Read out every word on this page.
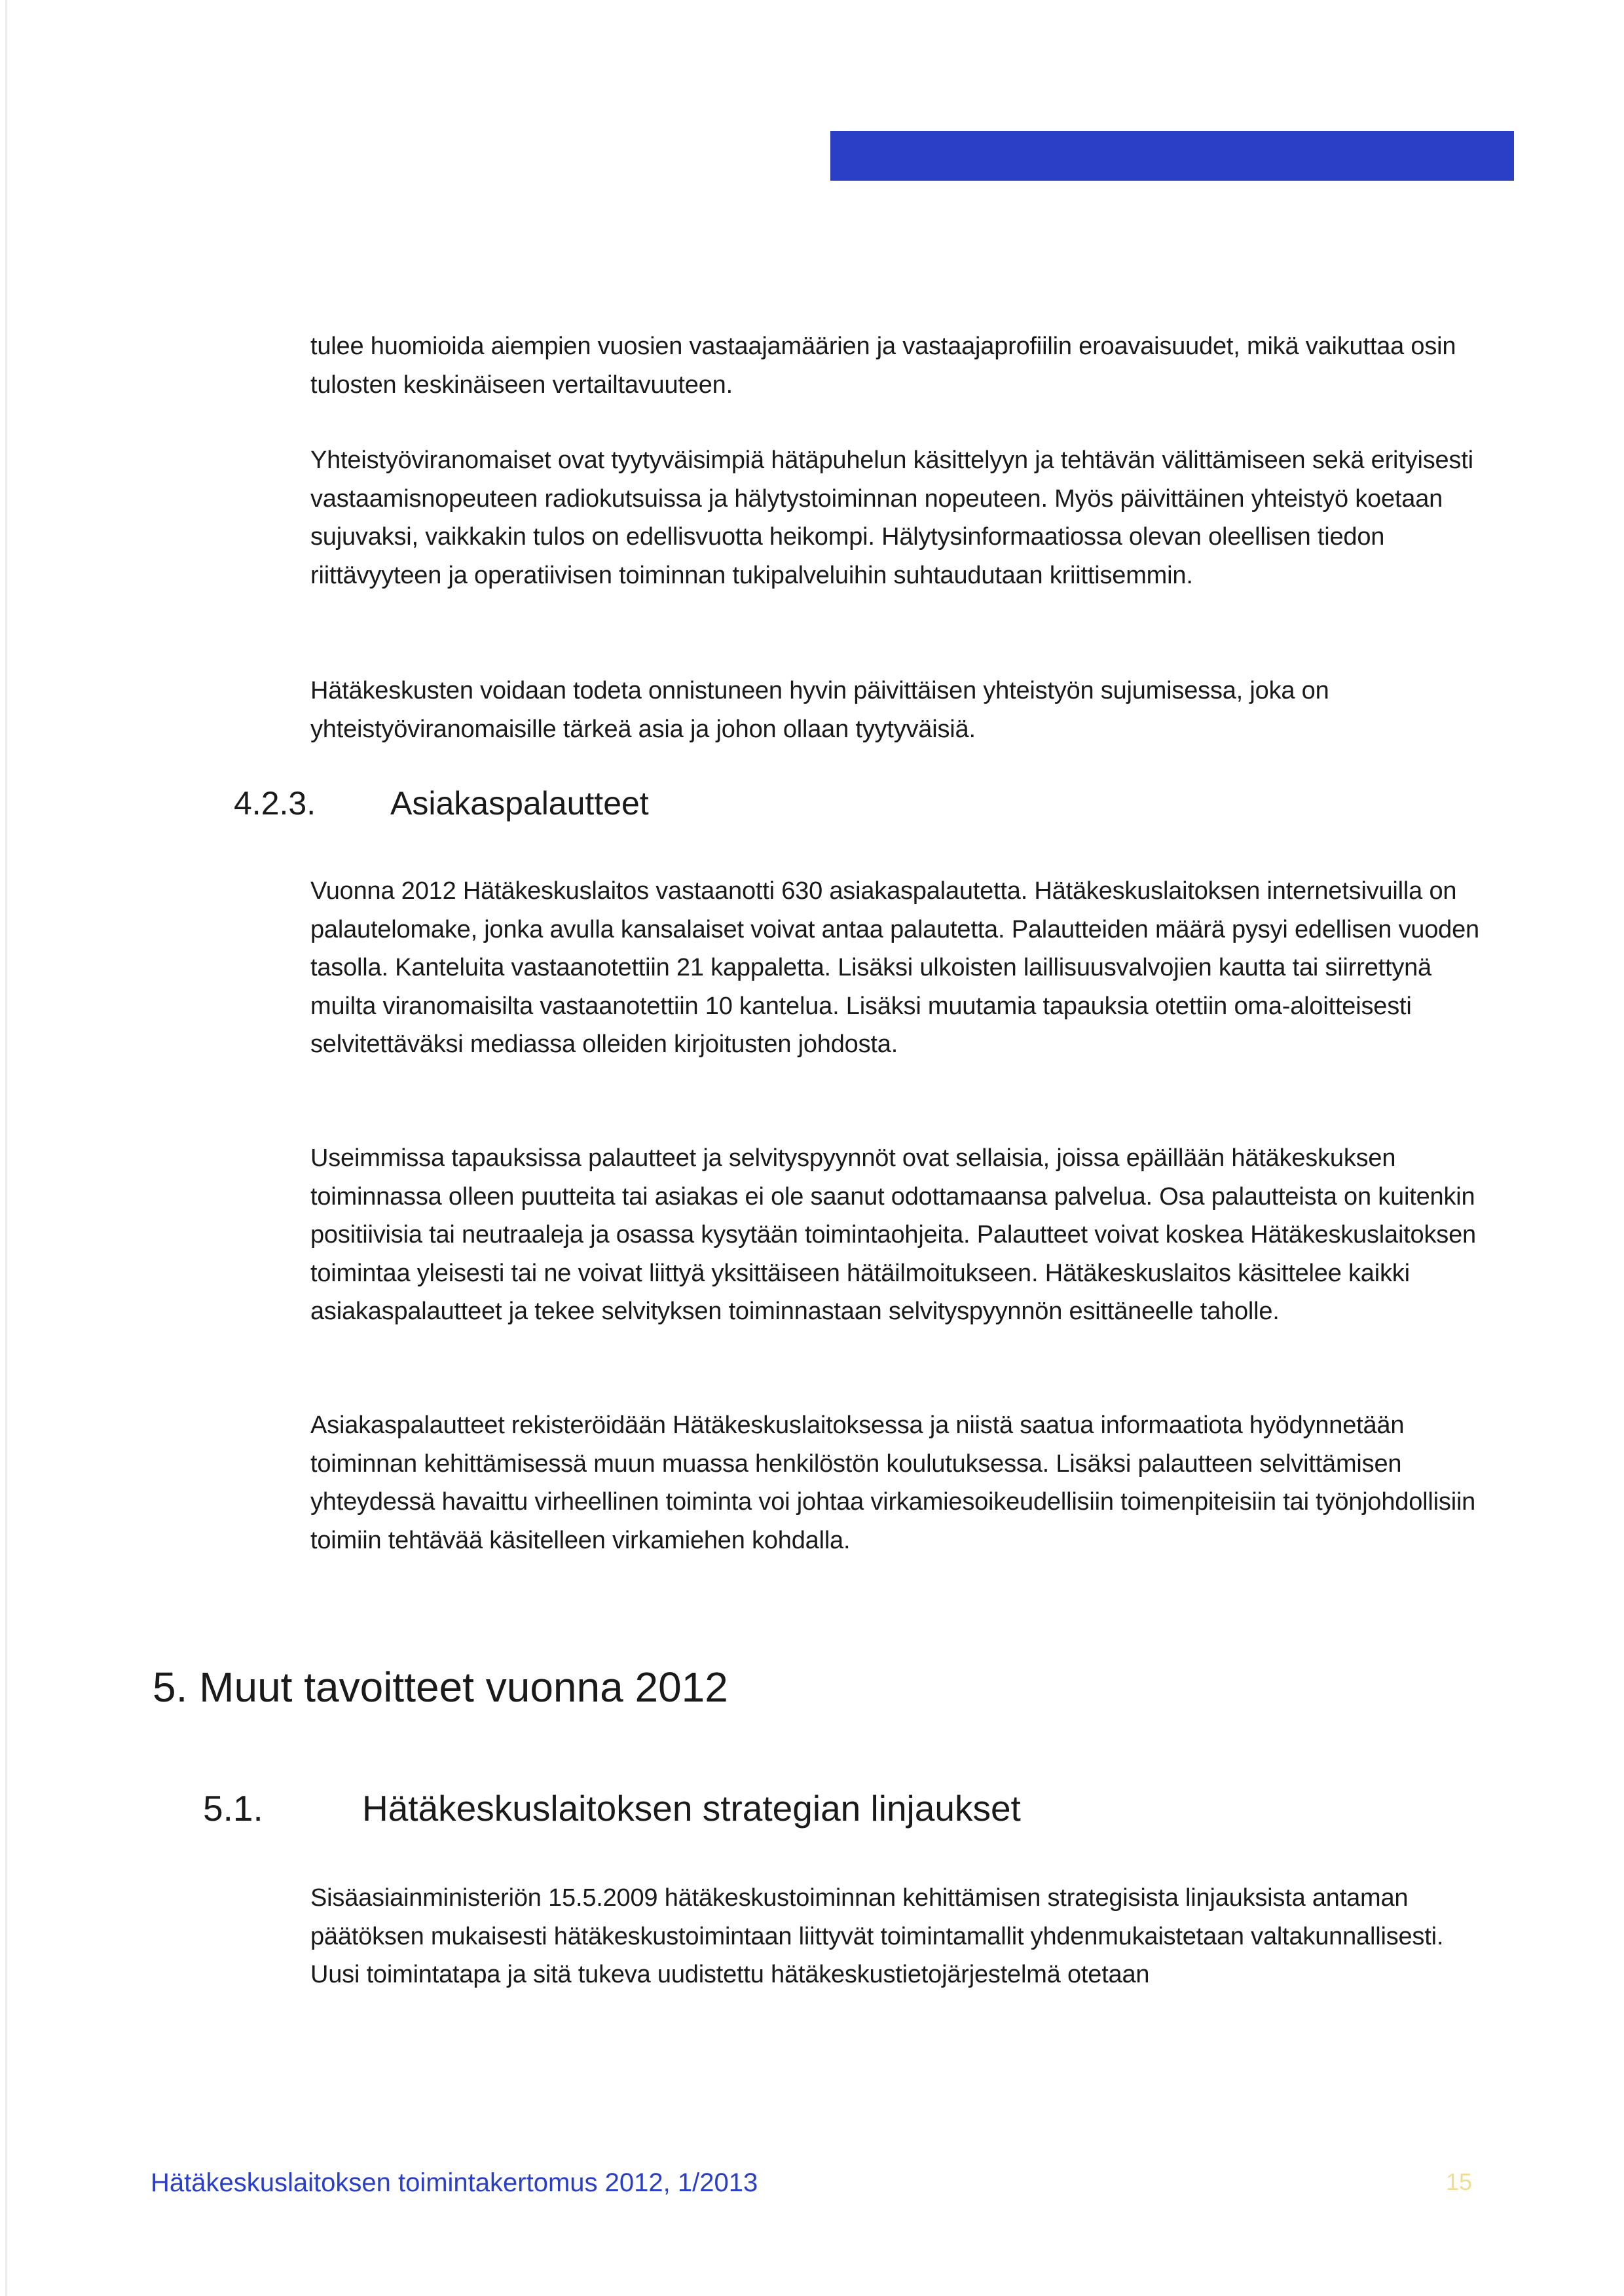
tulee huomioida aiempien vuosien vastaajamäärien ja vastaajaprofiilin eroavaisuudet, mikä vaikuttaa osin tulosten keskinäiseen vertailtavuuteen.

Yhteistyöviranomaiset ovat tyytyväisimpiä hätäpuhelun käsittelyyn ja tehtävän välittämiseen sekä erityisesti vastaamisnopeuteen radiokutsuissa ja hälytystoiminnan nopeuteen. Myös päivittäinen yhteistyö koetaan sujuvaksi, vaikkakin tulos on edellisvuotta heikompi. Hälytysinformaatiossa olevan oleellisen tiedon riittävyyteen ja operatiivisen toiminnan tukipalveluihin suhtaudutaan kriittisemmin.

Hätäkeskusten voidaan todeta onnistuneen hyvin päivittäisen yhteistyön sujumisessa, joka on yhteistyöviranomaisille tärkeä asia ja johon ollaan tyytyväisiä.

4.2.3. Asiakaspalautteet

Vuonna 2012 Hätäkeskuslaitos vastaanotti 630 asiakaspalautetta. Hätäkeskuslaitoksen internetsivuilla on palautelomake, jonka avulla kansalaiset voivat antaa palautetta. Palautteiden määrä pysyi edellisen vuoden tasolla. Kanteluita vastaanotettiin 21 kappaletta. Lisäksi ulkoisten laillisuusvalvojien kautta tai siirrettynä muilta viranomaisilta vastaanotettiin 10 kantelua. Lisäksi muutamia tapauksia otettiin oma-aloitteisesti selvitettäväksi mediassa olleiden kirjoitusten johdosta.

Useimmissa tapauksissa palautteet ja selvityspyynnöt ovat sellaisia, joissa epäillään hätäkeskuksen toiminnassa olleen puutteita tai asiakas ei ole saanut odottamaansa palvelua. Osa palautteista on kuitenkin positiivisia tai neutraaleja ja osassa kysytään toimintaohjeita. Palautteet voivat koskea Hätäkeskuslaitoksen toimintaa yleisesti tai ne voivat liittyä yksittäiseen hätäilmoitukseen. Hätäkeskuslaitos käsittelee kaikki asiakaspalautteet ja tekee selvityksen toiminnastaan selvityspyynnön esittäneelle taholle.

Asiakaspalautteet rekisteröidään Hätäkeskuslaitoksessa ja niistä saatua informaatiota hyödynnetään toiminnan kehittämisessä muun muassa henkilöstön koulutuksessa. Lisäksi palautteen selvittämisen yhteydessä havaittu virheellinen toiminta voi johtaa virkamiesoikeudellisiin toimenpiteisiin tai työnjohdollisiin toimiin tehtävää käsitelleen virkamiehen kohdalla.

5. Muut tavoitteet vuonna 2012
5.1.	Hätäkeskuslaitoksen strategian linjaukset

Sisäasiainministeriön 15.5.2009 hätäkeskustoiminnan kehittämisen strategisista linjauksista antaman päätöksen mukaisesti hätäkeskustoimintaan liittyvät toimintamallit yhdenmukaistetaan valtakunnallisesti. Uusi toimintatapa ja sitä tukeva uudistettu hätäkeskustietojärjestelmä otetaan

Hätäkeskuslaitoksen toimintakertomus 2012, 1/2013	15
